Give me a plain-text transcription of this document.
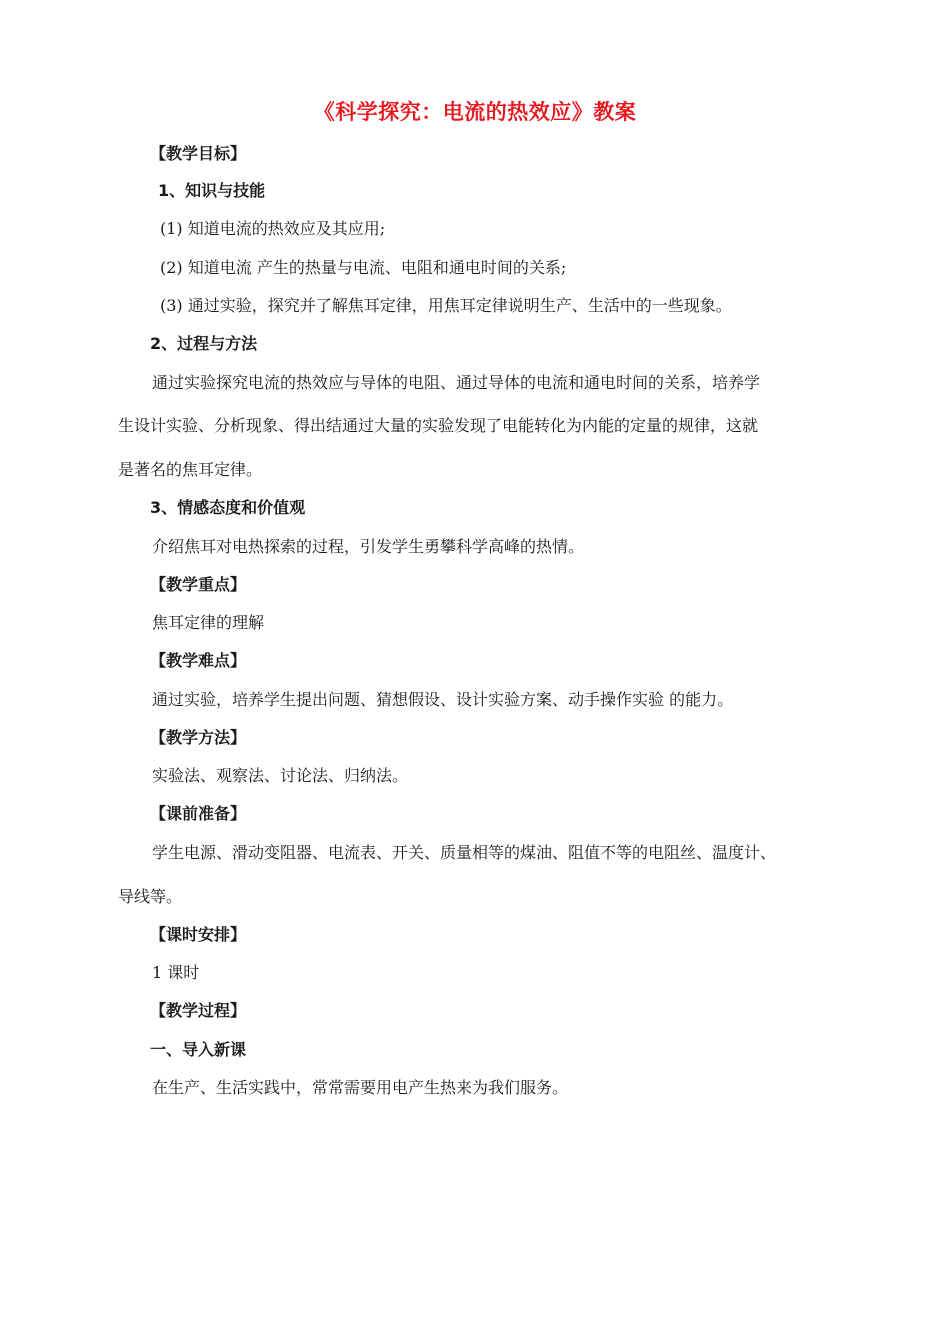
《科学探究：电流的热效应》教案
【教学目标】
1、知识与技能
(1) 知道电流的热效应及其应用;
(2) 知道电流 产生的热量与电流、电阻和通电时间的关系;
(3) 通过实验，探究并了解焦耳定律，用焦耳定律说明生产、生活中的一些现象。
2、过程与方法
通过实验探究电流的热效应与导体的电阻、通过导体的电流和通电时间的关系，培养学
生设计实验、分析现象、得出结通过大量的实验发现了电能转化为内能的定量的规律，这就
是著名的焦耳定律。
3、情感态度和价值观
介绍焦耳对电热探索的过程，引发学生勇攀科学高峰的热情。
【教学重点】
焦耳定律的理解
【教学难点】
通过实验，培养学生提出问题、猜想假设、设计实验方案、动手操作实验 的能力。
【教学方法】
实验法、观察法、讨论法、归纳法。
【课前准备】
学生电源、滑动变阻器、电流表、开关、质量相等的煤油、阻值不等的电阻丝、温度计、
导线等。
【课时安排】
1 课时
【教学过程】
一、导入新课
在生产、生活实践中，常常需要用电产生热来为我们服务。
